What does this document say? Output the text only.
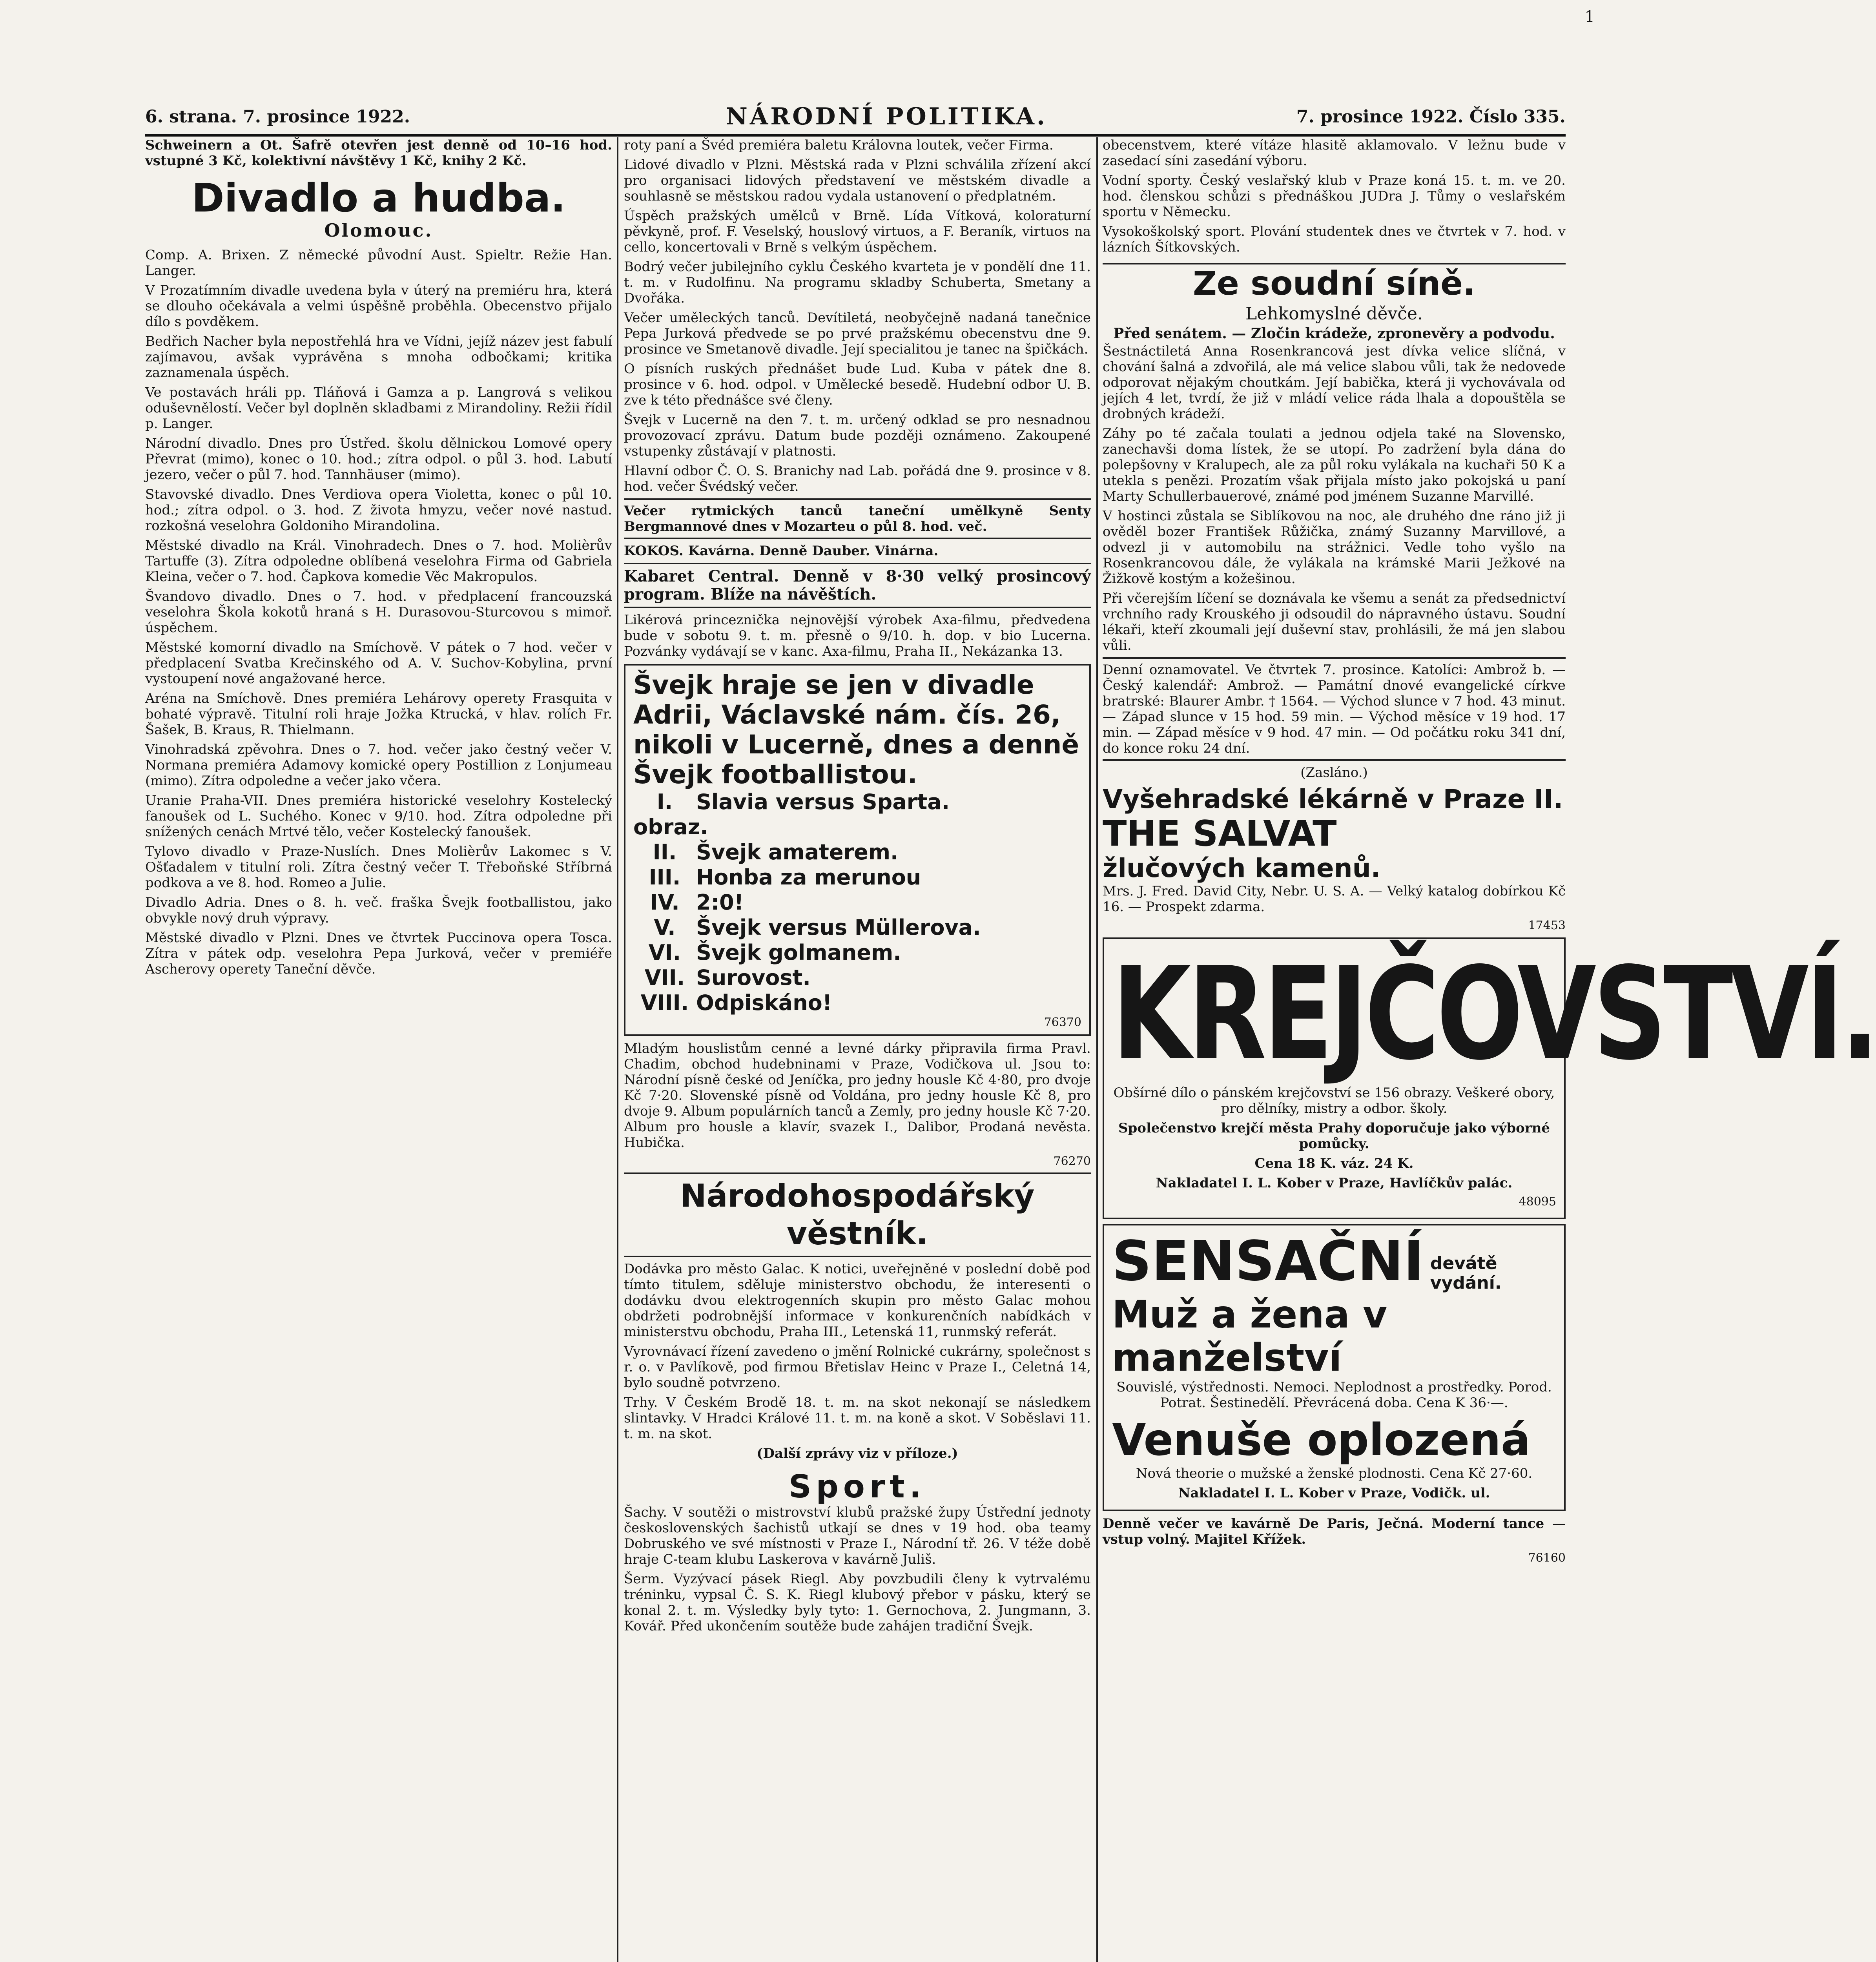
1
6. strana. 7. prosince 1922.	NÁRODNÍ POLITIKA.	7. prosince 1922. Číslo 335.

Schweinern a Ot. Šafrě otevřen jest denně od 10–16 hod. vstupné 3 Kč, kolektivní návštěvy 1 Kč, knihy 2 Kč.

Divadlo a hudba.
Olomouc.

Comp. A. Brixen. Z německé původní Aust. Spieltr. Režie Han. Langer.

V Prozatímním divadle uvedena byla v úterý na premiéru hra, která se dlouho očekávala a velmi úspěšně proběhla. Obecenstvo přijalo dílo s povděkem.

Bedřich Nacher byla nepostřehlá hra ve Vídni, jejíž název jest fabulí zajímavou, avšak vyprávěna s mnoha odbočkami; kritika zaznamenala úspěch.

Ve postavách hráli pp. Tláňová i Gamza a p. Langrová s velikou oduševnělostí. Večer byl doplněn skladbami z Mirandoliny. Režii řídil p. Langer.

Národní divadlo. Dnes pro Ústřed. školu dělnickou Lomové opery Převrat (mimo), konec o 10. hod.; zítra odpol. o půl 3. hod. Labutí jezero, večer o půl 7. hod. Tannhäuser (mimo).

Stavovské divadlo. Dnes Verdiova opera Violetta, konec o půl 10. hod.; zítra odpol. o 3. hod. Z života hmyzu, večer nové nastud. rozkošná veselohra Goldoniho Mirandolina.

Městské divadlo na Král. Vinohradech. Dnes o 7. hod. Molièrův Tartuffe (3). Zítra odpoledne oblíbená veselohra Firma od Gabriela Kleina, večer o 7. hod. Čapkova komedie Věc Makropulos.

Švandovo divadlo. Dnes o 7. hod. v předplacení francouzská veselohra Škola kokotů hraná s H. Durasovou-Sturcovou s mimoř. úspěchem.

Městské komorní divadlo na Smíchově. V pátek o 7 hod. večer v předplacení Svatba Krečinského od A. V. Suchov-Kobylina, první vystoupení nové angažované herce.

Aréna na Smíchově. Dnes premiéra Lehárovy operety Frasquita v bohaté výpravě. Titulní roli hraje Jožka Ktrucká, v hlav. rolích Fr. Šašek, B. Kraus, R. Thielmann.

Vinohradská zpěvohra. Dnes o 7. hod. večer jako čestný večer V. Normana premiéra Adamovy komické opery Postillion z Lonjumeau (mimo). Zítra odpoledne a večer jako včera.

Uranie Praha-VII. Dnes premiéra historické veselohry Kostelecký fanoušek od L. Suchého. Konec v 9/10. hod. Zítra odpoledne při snížených cenách Mrtvé tělo, večer Kostelecký fanoušek.

Tylovo divadlo v Praze-Nuslích. Dnes Molièrův Lakomec s V. Ošťadalem v titulní roli. Zítra čestný večer T. Třeboňské Stříbrná podkova a ve 8. hod. Romeo a Julie.

Divadlo Adria. Dnes o 8. h. več. fraška Švejk footballistou, jako obvykle nový druh výpravy.

Městské divadlo v Plzni. Dnes ve čtvrtek Puccinova opera Tosca. Zítra v pátek odp. veselohra Pepa Jurková, večer v premiéře Ascherovy operety Taneční děvče.

roty paní a Švéd premiéra baletu Královna loutek, večer Firma.

Lidové divadlo v Plzni. Městská rada v Plzni schválila zřízení akcí pro organisaci lidových představení ve městském divadle a souhlasně se městskou radou vydala ustanovení o předplatném.

Úspěch pražských umělců v Brně. Lída Vítková, koloraturní pěvkyně, prof. F. Veselský, houslový virtuos, a F. Beraník, virtuos na cello, koncertovali v Brně s velkým úspěchem.

Bodrý večer jubilejního cyklu Českého kvarteta je v pondělí dne 11. t. m. v Rudolfinu. Na programu skladby Schuberta, Smetany a Dvořáka.

Večer uměleckých tanců. Devítiletá, neobyčejně nadaná tanečnice Pepa Jurková předvede se po prvé pražskému obecenstvu dne 9. prosince ve Smetanově divadle. Její specialitou je tanec na špičkách.

O písních ruských přednášet bude Lud. Kuba v pátek dne 8. prosince v 6. hod. odpol. v Umělecké besedě. Hudební odbor U. B. zve k této přednášce své členy.

Švejk v Lucerně na den 7. t. m. určený odklad se pro nesnadnou provozovací zprávu. Datum bude později oznámeno. Zakoupené vstupenky zůstávají v platnosti.

Hlavní odbor Č. O. S. Branichy nad Lab. pořádá dne 9. prosince v 8. hod. večer Švédský večer.

Večer rytmických tanců taneční umělkyně Senty Bergmannové dnes v Mozarteu o půl 8. hod. več.

KOKOS. Kavárna. Denně Dauber. Vinárna.

Kabaret Central. Denně v 8·30 velký prosincový program. Blíže na návěštích.

Likérová princeznička nejnovější výrobek Axa-filmu, předvedena bude v sobotu 9. t. m. přesně o 9/10. h. dop. v bio Lucerna. Pozvánky vydávají se v kanc. Axa-filmu, Praha II., Nekázanka 13.

Švejk hraje se jen v divadle Adrii, Václavské nám. čís. 26, nikoli v Lucerně, dnes a denně Švejk footballistou.
I. obraz.
Slavia versus Sparta.
II. Švejk amaterem.
III. Honba za merunou
IV. 2:0!
V. Švejk versus Müllerova.
VI. Švejk golmanem.
VII. Surovost.
VIII. Odpiskáno!
76370

Mladým houslistům cenné a levné dárky připravila firma Pravl. Chadim, obchod hudebninami v Praze, Vodičkova ul. Jsou to: Národní písně české od Jeníčka, pro jedny housle Kč 4·80, pro dvoje Kč 7·20. Slovenské písně od Voldána, pro jedny housle Kč 8, pro dvoje 9. Album populárních tanců a Zemly, pro jedny housle Kč 7·20. Album pro housle a klavír, svazek I., Dalibor, Prodaná nevěsta. Hubička.

76270

Národohospodářský věstník.

Dodávka pro město Galac. K notici, uveřejněné v poslední době pod tímto titulem, sděluje ministerstvo obchodu, že interesenti o dodávku dvou elektrogenních skupin pro město Galac mohou obdržeti podrobnější informace v konkurenčních nabídkách v ministerstvu obchodu, Praha III., Letenská 11, runmský referát.

Vyrovnávací řízení zavedeno o jmění Rolnické cukrárny, společnost s r. o. v Pavlíkově, pod firmou Břetislav Heinc v Praze I., Celetná 14, bylo soudně potvrzeno.

Trhy. V Českém Brodě 18. t. m. na skot nekonají se následkem slintavky. V Hradci Králové 11. t. m. na koně a skot. V Soběslavi 11. t. m. na skot.

(Další zprávy viz v příloze.)

Sport.

Šachy. V soutěži o mistrovství klubů pražské župy Ústřední jednoty československých šachistů utkají se dnes v 19 hod. oba teamy Dobruského ve své místnosti v Praze I., Národní tř. 26. V téže době hraje C-team klubu Laskerova v kavárně Juliš.

Šerm. Vyzývací pásek Riegl. Aby povzbudili členy k vytrvalému tréninku, vypsal Č. S. K. Riegl klubový přebor v pásku, který se konal 2. t. m. Výsledky byly tyto: 1. Gernochova, 2. Jungmann, 3. Kovář. Před ukončením soutěže bude zahájen tradiční Švejk.

obecenstvem, které vítáze hlasitě aklamovalo. V ležnu bude v zasedací síni zasedání výboru.

Vodní sporty. Český veslařský klub v Praze koná 15. t. m. ve 20. hod. členskou schůzi s přednáškou JUDra J. Tůmy o veslařském sportu v Německu.

Vysokoškolský sport. Plování studentek dnes ve čtvrtek v 7. hod. v lázních Šítkovských.

Ze soudní síně.
Lehkomyslné děvče.
Před senátem. — Zločin krádeže, zpronevěry a podvodu.

Šestnáctiletá Anna Rosenkrancová jest dívka velice slíčná, v chování šalná a zdvořilá, ale má velice slabou vůli, tak že nedovede odporovat nějakým choutkám. Její babička, která ji vychovávala od jejích 4 let, tvrdí, že již v mládí velice ráda lhala a dopouštěla se drobných krádeží.

Záhy po té začala toulati a jednou odjela také na Slovensko, zanechavši doma lístek, že se utopí. Po zadržení byla dána do polepšovny v Kralupech, ale za půl roku vylákala na kuchaři 50 K a utekla s penězi. Prozatím však přijala místo jako pokojská u paní Marty Schullerbauerové, známé pod jménem Suzanne Marvillé.

V hostinci zůstala se Siblíkovou na noc, ale druhého dne ráno již ji ověděl bozer František Růžička, známý Suzanny Marvillové, a odvezl ji v automobilu na strážnici. Vedle toho vyšlo na Rosenkrancovou dále, že vylákala na krámské Marii Ježkové na Žižkově kostým a kožešinou.

Při včerejším líčení se doznávala ke všemu a senát za předsednictví vrchního rady Krouského ji odsoudil do nápravného ústavu. Soudní lékaři, kteří zkoumali její duševní stav, prohlásili, že má jen slabou vůli.

Denní oznamovatel. Ve čtvrtek 7. prosince. Katolíci: Ambrož b. — Český kalendář: Ambrož. — Památní dnové evangelické církve bratrské: Blaurer Ambr. † 1564. — Východ slunce v 7 hod. 43 minut. — Západ slunce v 15 hod. 59 min. — Východ měsíce v 19 hod. 17 min. — Západ měsíce v 9 hod. 47 min. — Od počátku roku 341 dní, do konce roku 24 dní.

(Zasláno.)

Vyšehradské lékárně v Praze II.
THE SALVAT
žlučových kamenů.

Mrs. J. Fred. David City, Nebr. U. S. A. — Velký katalog dobírkou Kč 16. — Prospekt zdarma.

17453

KREJČOVSTVÍ.

Obšírné dílo o pánském krejčovství se 156 obrazy. Veškeré obory, pro dělníky, mistry a odbor. školy.

Společenstvo krejčí města Prahy doporučuje jako výborné pomůcky.

Cena 18 K. váz. 24 K.

Nakladatel I. L. Kober v Praze, Havlíčkův palác.

48095

SENSAČNÍ devátě vydání.
Muž a žena v manželství

Souvislé, výstřednosti. Nemoci. Neplodnost a prostředky. Porod. Potrat. Šestinedělí. Převrácená doba. Cena K 36·—.

Venuše oplozená

Nová theorie o mužské a ženské plodnosti. Cena Kč 27·60.

Nakladatel I. L. Kober v Praze, Vodičk. ul.

Denně večer ve kavárně De Paris, Ječná. Moderní tance — vstup volný. Majitel Křížek.

76160
